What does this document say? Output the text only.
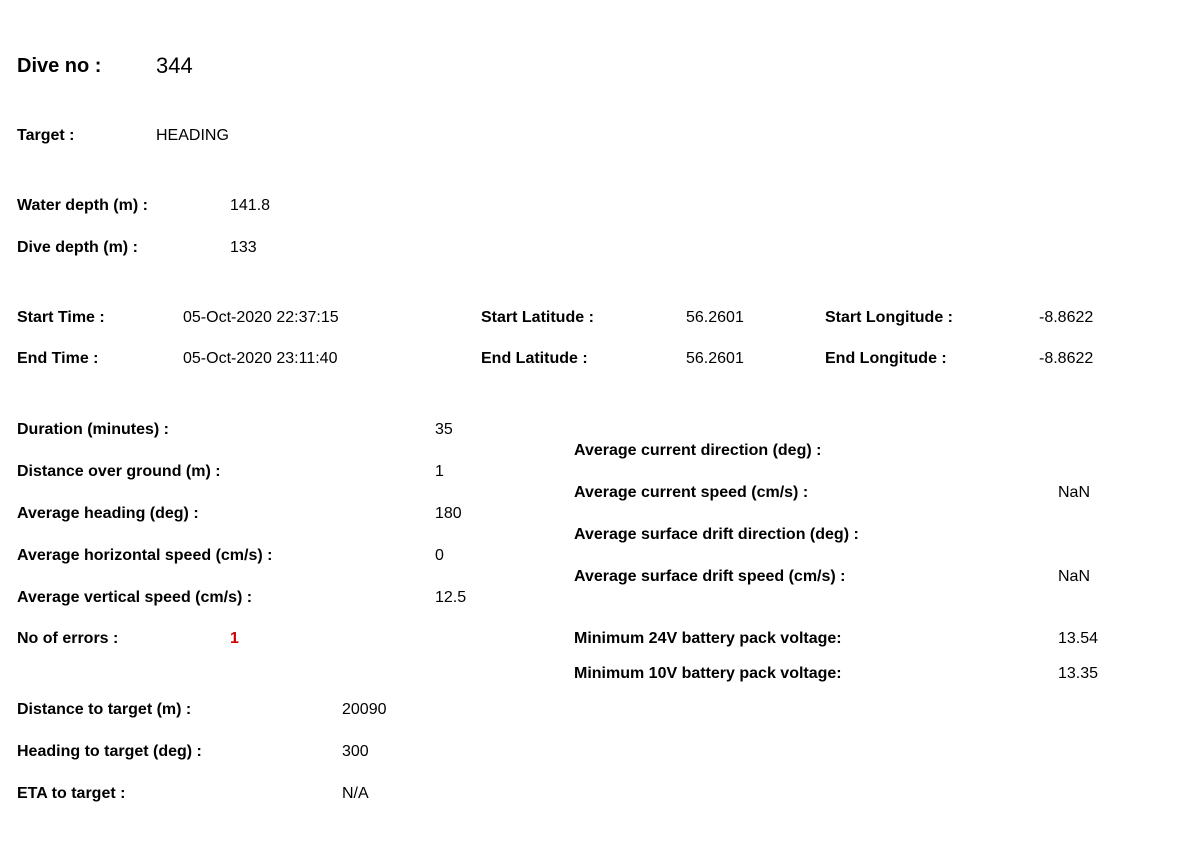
Dive no : 344
Target :	HEADING
Water depth (m) :	141.8
Dive depth (m) :	133
Start Time :	05-Oct-2020 22:37:15	Start Latitude :	56.2601	Start Longitude :	-8.8622
End Time :	05-Oct-2020 23:11:40	End Latitude :	56.2601	End Longitude :	-8.8622
Duration (minutes) :	35
Distance over ground (m) :	1
Average heading (deg) :	180
Average horizontal speed (cm/s) :	0
Average vertical speed (cm/s) :	12.5
No of errors :	1
Average current direction (deg) :
Average current speed (cm/s) :	NaN
Average surface drift direction (deg) :
Average surface drift speed (cm/s) :	NaN
Minimum 24V battery pack voltage:	13.54
Minimum 10V battery pack voltage:	13.35
Distance to target (m) :	20090
Heading to target (deg) :	300
ETA to target :	N/A
